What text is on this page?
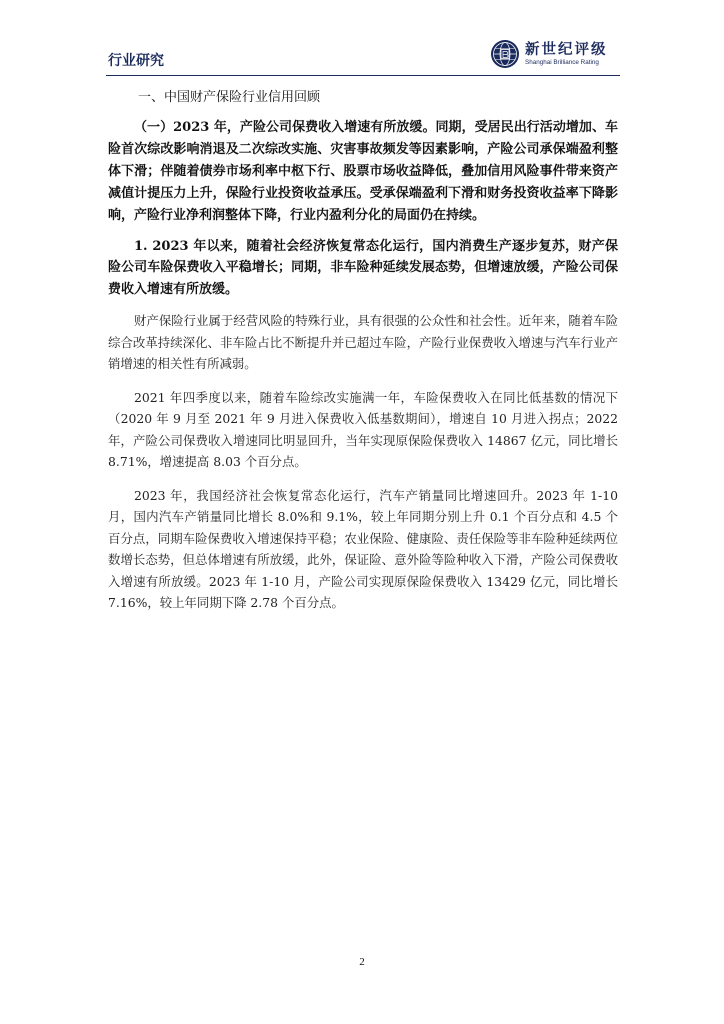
行业研究
新世纪评级
Shanghai Brilliance Rating
一、中国财产保险行业信用回顾

（一）2023 年，产险公司保费收入增速有所放缓。同期，受居民出行活动增加、车险首次综改影响消退及二次综改实施、灾害事故频发等因素影响，产险公司承保端盈利整体下滑；伴随着债券市场利率中枢下行、股票市场收益降低，叠加信用风险事件带来资产减值计提压力上升，保险行业投资收益承压。受承保端盈利下滑和财务投资收益率下降影响，产险行业净利润整体下降，行业内盈利分化的局面仍在持续。

1. 2023 年以来，随着社会经济恢复常态化运行，国内消费生产逐步复苏，财产保险公司车险保费收入平稳增长；同期，非车险种延续发展态势，但增速放缓，产险公司保费收入增速有所放缓。

财产保险行业属于经营风险的特殊行业，具有很强的公众性和社会性。近年来，随着车险综合改革持续深化、非车险占比不断提升并已超过车险，产险行业保费收入增速与汽车行业产销增速的相关性有所减弱。

2021 年四季度以来，随着车险综改实施满一年，车险保费收入在同比低基数的情况下（2020 年 9 月至 2021 年 9 月进入保费收入低基数期间），增速自 10 月进入拐点；2022 年，产险公司保费收入增速同比明显回升，当年实现原保险保费收入 14867 亿元，同比增长 8.71%，增速提高 8.03 个百分点。

2023 年，我国经济社会恢复常态化运行，汽车产销量同比增速回升。2023 年 1-10 月，国内汽车产销量同比增长 8.0%和 9.1%，较上年同期分别上升 0.1 个百分点和 4.5 个百分点，同期车险保费收入增速保持平稳；农业保险、健康险、责任保险等非车险种延续两位数增长态势，但总体增速有所放缓，此外，保证险、意外险等险种收入下滑，产险公司保费收入增速有所放缓。2023 年 1-10 月，产险公司实现原保险保费收入 13429 亿元，同比增长 7.16%，较上年同期下降 2.78 个百分点。

2
